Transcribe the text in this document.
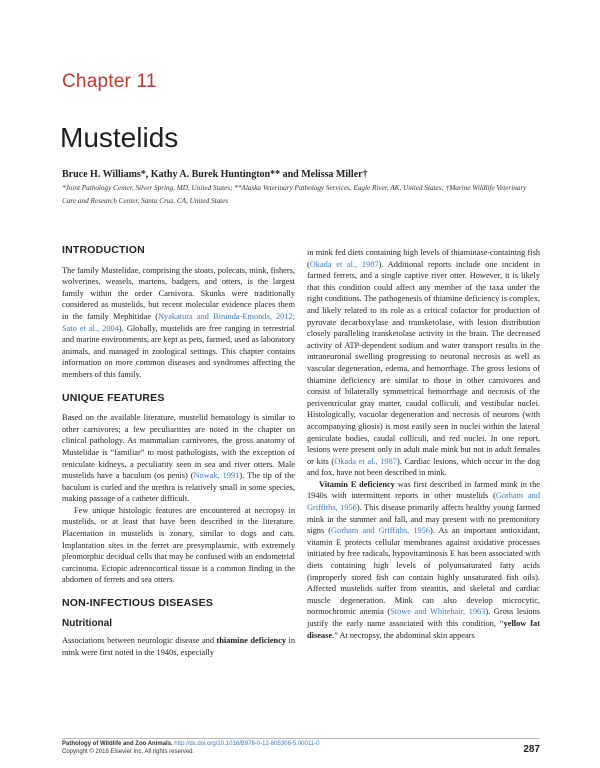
Chapter 11
Mustelids
Bruce H. Williams*, Kathy A. Burek Huntington** and Melissa Miller†
*Joint Pathology Center, Silver Spring, MD, United States; **Alaska Veterinary Pathology Services, Eagle River, AK, United States; †Marine Wildlife Veterinary Care and Research Center, Santa Cruz, CA, United States
INTRODUCTION

The family Mustelidae, comprising the stoats, polecats, mink, fishers, wolverines, weasels, martens, badgers, and otters, is the largest family within the order Carnivora. Skunks were traditionally considered as mustelids, but recent molecular evidence places them in the family Mephitidae (Nyakatura and Bininda-Emonds, 2012; Sato et al., 2004). Globally, mustelids are free ranging in terrestrial and marine environments, are kept as pets, farmed, used as laboratory animals, and managed in zoological settings. This chapter contains information on more common diseases and syndromes affecting the members of this family.

UNIQUE FEATURES

Based on the available literature, mustelid hematology is similar to other carnivores; a few peculiarities are noted in the chapter on clinical pathology. As mammalian carnivores, the gross anatomy of Mustelidae is “familiar” to most pathologists, with the exception of reniculate kidneys, a peculiarity seen in sea and river otters. Male mustelids have a baculum (os penis) (Nowak, 1991). The tip of the baculum is curled and the urethra is relatively small in some species, making passage of a catheter difficult.

Few unique histologic features are encountered at necropsy in mustelids, or at least that have been described in the literature. Placentation in mustelids is zonary, similar to dogs and cats. Implantation sites in the ferret are presymplasmic, with extremely pleomorphic decidual cells that may be confused with an endometrial carcinoma. Ectopic adrenocortical tissue is a common finding in the abdomen of ferrets and sea otters.

NON-INFECTIOUS DISEASES
Nutritional

Associations between neurologic disease and thiamine deficiency in mink were first noted in the 1940s, especially

in mink fed diets containing high levels of thiaminase-containing fish (Okada et al., 1987). Additional reports include one incident in farmed ferrets, and a single captive river otter. However, it is likely that this condition could affect any member of the taxa under the right conditions. The pathogenesis of thiamine deficiency is complex, and likely related to its role as a critical cofactor for production of pyruvate decarboxylase and transketolase, with lesion distribution closely paralleling transketolase activity in the brain. The decreased activity of ATP-dependent sodium and water transport results in the intraneuronal swelling progressing to neuronal necrosis as well as vascular degeneration, edema, and hemorrhage. The gross lesions of thiamine deficiency are similar to those in other carnivores and consist of bilaterally symmetrical hemorrhage and necrosis of the periventricular gray matter, caudal colliculi, and vestibular nuclei. Histologically, vacuolar degeneration and necrosis of neurons (with accompanying gliosis) is most easily seen in nuclei within the lateral geniculate bodies, caudal colliculi, and red nuclei. In one report, lesions were present only in adult male mink but not in adult females or kits (Okada et al., 1987). Cardiac lesions, which occur in the dog and fox, have not been described in mink.

Vitamin E deficiency was first described in farmed mink in the 1940s with intermittent reports in other mustelids (Gorham and Griffiths, 1956). This disease primarily affects healthy young farmed mink in the summer and fall, and may present with no premonitory signs (Gorham and Griffiths, 1956). As an important antioxidant, vitamin E protects cellular membranes against oxidative processes initiated by free radicals, hypovitaminosis E has been associated with diets containing high levels of polyunsaturated fatty acids (improperly stored fish can contain highly unsaturated fish oils). Affected mustelids suffer from steatitis, and skeletal and cardiac muscle degeneration. Mink can also develop microcytic, normochromic anemia (Stowe and Whitehair, 1963). Gross lesions justify the early name associated with this condition, “yellow fat disease.” At necropsy, the abdominal skin appears

Pathology of Wildlife and Zoo Animals. http://dx.doi.org/10.1016/B978-0-12-805306-5.00011-0
Copyright © 2018 Elsevier Inc. All rights reserved.	287
